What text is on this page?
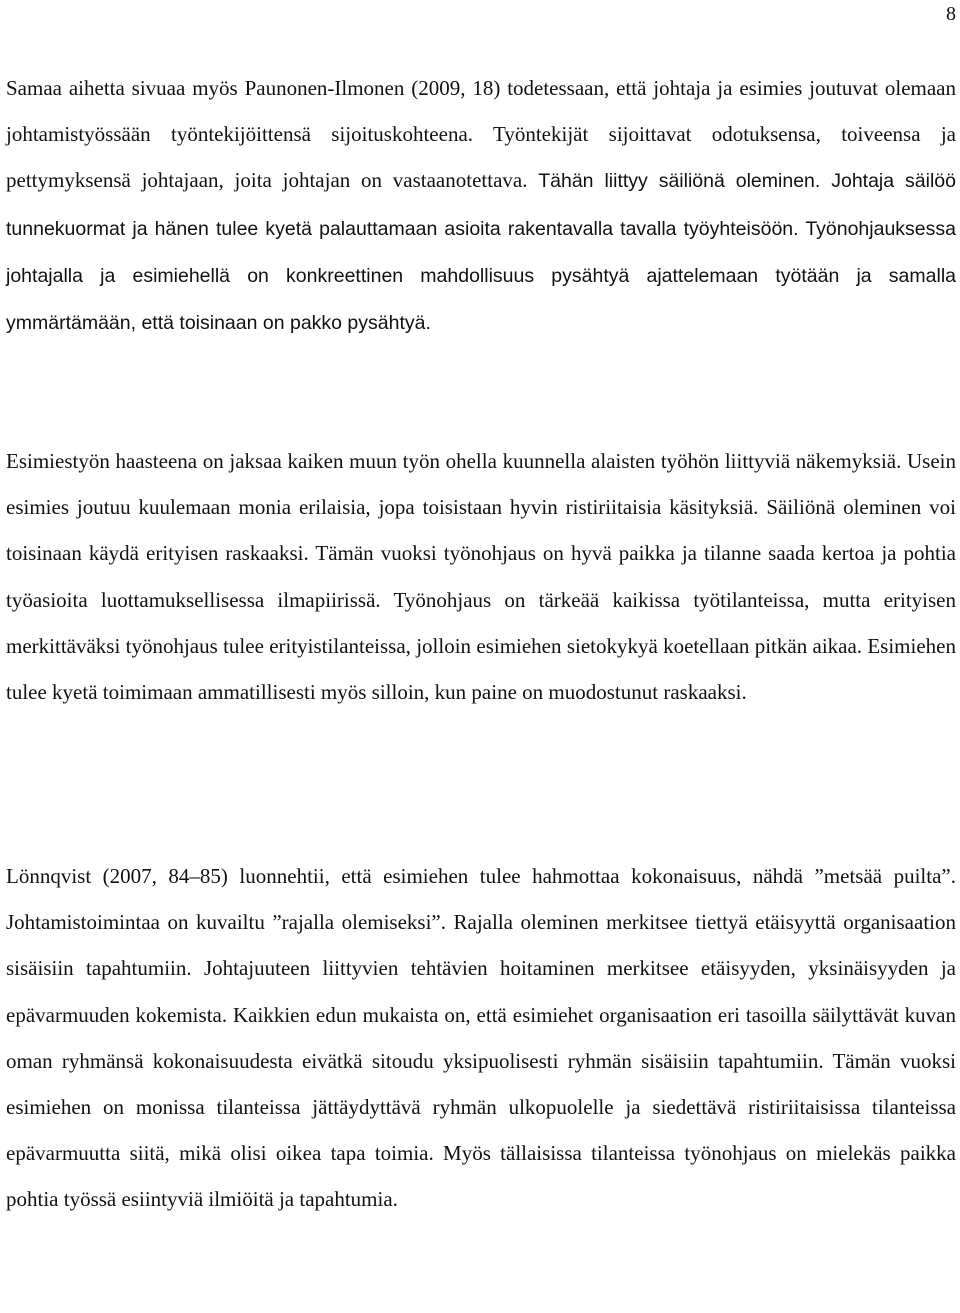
8

Samaa aihetta sivuaa myös Paunonen-Ilmonen (2009, 18) todetessaan, että johtaja ja esimies joutuvat olemaan johtamistyössään työntekijöittensä sijoituskohteena. Työntekijät sijoittavat odotuksensa, toiveensa ja pettymyksensä johtajaan, joita johtajan on vastaanotettava. Tähän liittyy säiliönä oleminen. Johtaja säilöö tunnekuormat ja hänen tulee kyetä palauttamaan asioita rakentavalla tavalla työyhteisöön. Työnohjauksessa johtajalla ja esimiehellä on konkreettinen mahdollisuus pysähtyä ajattelemaan työtään ja samalla ymmärtämään, että toisinaan on pakko pysähtyä.

Esimiestyön haasteena on jaksaa kaiken muun työn ohella kuunnella alaisten työhön liittyviä näkemyksiä. Usein esimies joutuu kuulemaan monia erilaisia, jopa toisistaan hyvin ristiriitaisia käsityksiä. Säiliönä oleminen voi toisinaan käydä erityisen raskaaksi. Tämän vuoksi työnohjaus on hyvä paikka ja tilanne saada kertoa ja pohtia työasioita luottamuksellisessa ilmapiirissä. Työnohjaus on tärkeää kaikissa työtilanteissa, mutta erityisen merkittäväksi työnohjaus tulee erityistilanteissa, jolloin esimiehen sietokykyä koetellaan pitkän aikaa. Esimiehen tulee kyetä toimimaan ammatillisesti myös silloin, kun paine on muodostunut raskaaksi.

Lönnqvist (2007, 84–85) luonnehtii, että esimiehen tulee hahmottaa kokonaisuus, nähdä ”metsää puilta”. Johtamistoimintaa on kuvailtu ”rajalla olemiseksi”. Rajalla oleminen merkitsee tiettyä etäisyyttä organisaation sisäisiin tapahtumiin. Johtajuuteen liittyvien tehtävien hoitaminen merkitsee etäisyyden, yksinäisyyden ja epävarmuuden kokemista. Kaikkien edun mukaista on, että esimiehet organisaation eri tasoilla säilyttävät kuvan oman ryhmänsä kokonaisuudesta eivätkä sitoudu yksipuolisesti ryhmän sisäisiin tapahtumiin. Tämän vuoksi esimiehen on monissa tilanteissa jättäydyttävä ryhmän ulkopuolelle ja siedettävä ristiriitaisissa tilanteissa epävarmuutta siitä, mikä olisi oikea tapa toimia. Myös tällaisissa tilanteissa työnohjaus on mielekäs paikka pohtia työssä esiintyviä ilmiöitä ja tapahtumia.
